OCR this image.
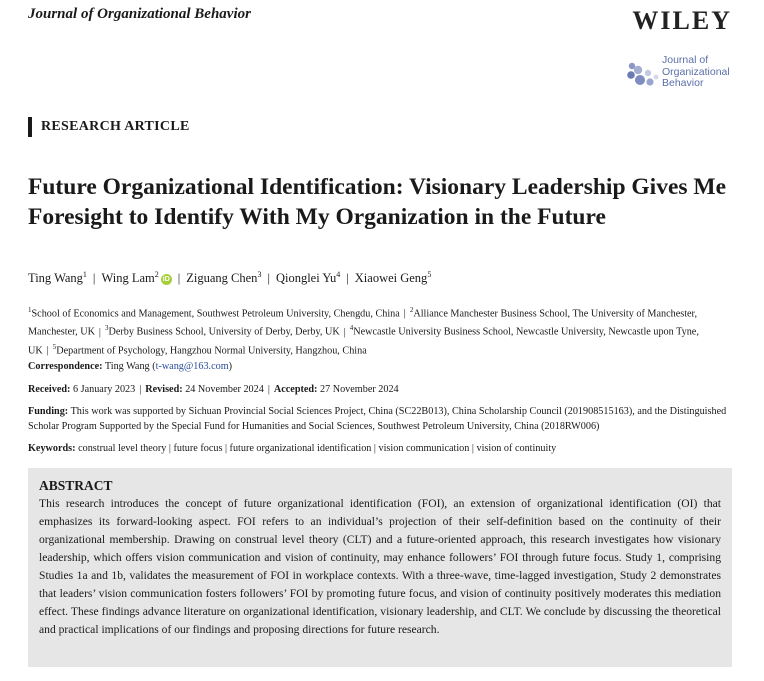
Journal of Organizational Behavior	WILEY
Journal of
Organizational
Behavior
RESEARCH ARTICLE
Future Organizational Identification: Visionary Leadership Gives Me Foresight to Identify With My Organization in the Future
Ting Wang$^1$ | Wing Lam$^2$iD | Ziguang Chen$^3$ | Qionglei Yu$^4$ | Xiaowei Geng$^5$
$^1$School of Economics and Management, Southwest Petroleum University, Chengdu, China | $^2$Alliance Manchester Business School, The University of Manchester, Manchester, UK | $^3$Derby Business School, University of Derby, Derby, UK | $^4$Newcastle University Business School, Newcastle University, Newcastle upon Tyne, UK | $^5$Department of Psychology, Hangzhou Normal University, Hangzhou, China
Correspondence: Ting Wang (t-wang@163.com)
Received: 6 January 2023 | Revised: 24 November 2024 | Accepted: 27 November 2024
Funding: This work was supported by Sichuan Provincial Social Sciences Project, China (SC22B013), China Scholarship Council (201908515163), and the Distinguished Scholar Program Supported by the Special Fund for Humanities and Social Sciences, Southwest Petroleum University, China (2018RW006)
Keywords: construal level theory | future focus | future organizational identification | vision communication | vision of continuity
ABSTRACT

This research introduces the concept of future organizational identification (FOI), an extension of organizational identification (OI) that emphasizes its forward-looking aspect. FOI refers to an individual’s projection of their self-definition based on the continuity of their organizational membership. Drawing on construal level theory (CLT) and a future-oriented approach, this research investigates how visionary leadership, which offers vision communication and vision of continuity, may enhance followers’ FOI through future focus. Study 1, comprising Studies 1a and 1b, validates the measurement of FOI in workplace contexts. With a three-wave, time-lagged investigation, Study 2 demonstrates that leaders’ vision communication fosters followers’ FOI by promoting future focus, and vision of continuity positively moderates this mediation effect. These findings advance literature on organizational identification, visionary leadership, and CLT. We conclude by discussing the theoretical and practical implications of our findings and proposing directions for future research.
